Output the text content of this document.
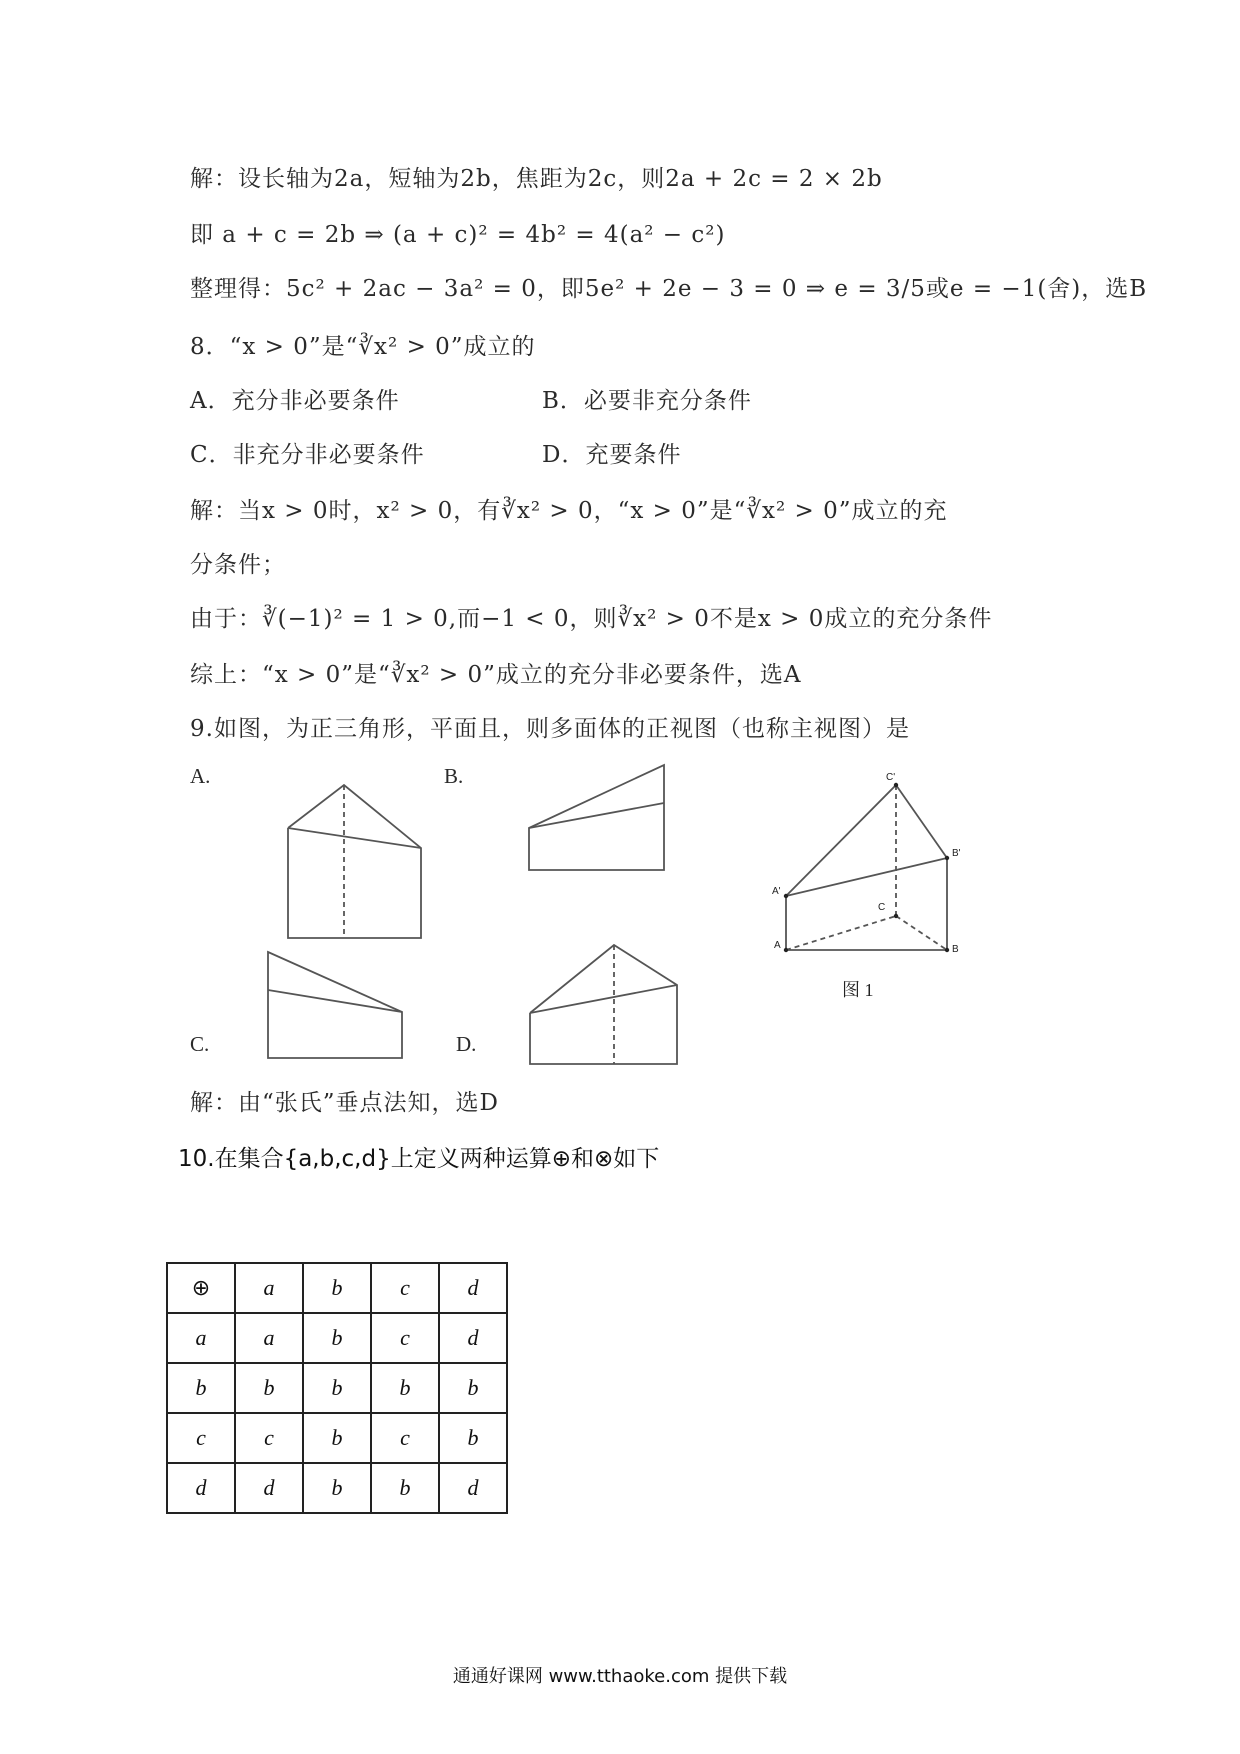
解：设长轴为2a，短轴为2b，焦距为2c，则2a + 2c = 2 × 2b
即 a + c = 2b ⇒ (a + c)² = 4b² = 4(a² − c²)
整理得：5c² + 2ac − 3a² = 0，即5e² + 2e − 3 = 0 ⇒ e = 3/5或e = −1(舍)，选B
8．“x > 0”是“∛x² > 0”成立的
A．充分非必要条件	B．必要非充分条件
C．非充分非必要条件	D．充要条件
解：当x > 0时，x² > 0，有∛x² > 0，“x > 0”是“∛x² > 0”成立的充
分条件；
由于：∛(−1)² = 1 > 0,而−1 < 0，则∛x² > 0不是x > 0成立的充分条件
综上：“x > 0”是“∛x² > 0”成立的充分非必要条件，选A
9.如图，为正三角形，平面且，则多面体的正视图（也称主视图）是
A.	B.
C.	D.
C'
B'
A'
C
A	B
图 1
解：由“张氏”垂点法知，选D
10.在集合{a,b,c,d}上定义两种运算⊕和⊗如下
⊕	a	b	c	d
a	a	b	c	d
b	b	b	b	b
c	c	b	c	b
d	d	b	b	d
通通好课网 www.tthaoke.com 提供下载
